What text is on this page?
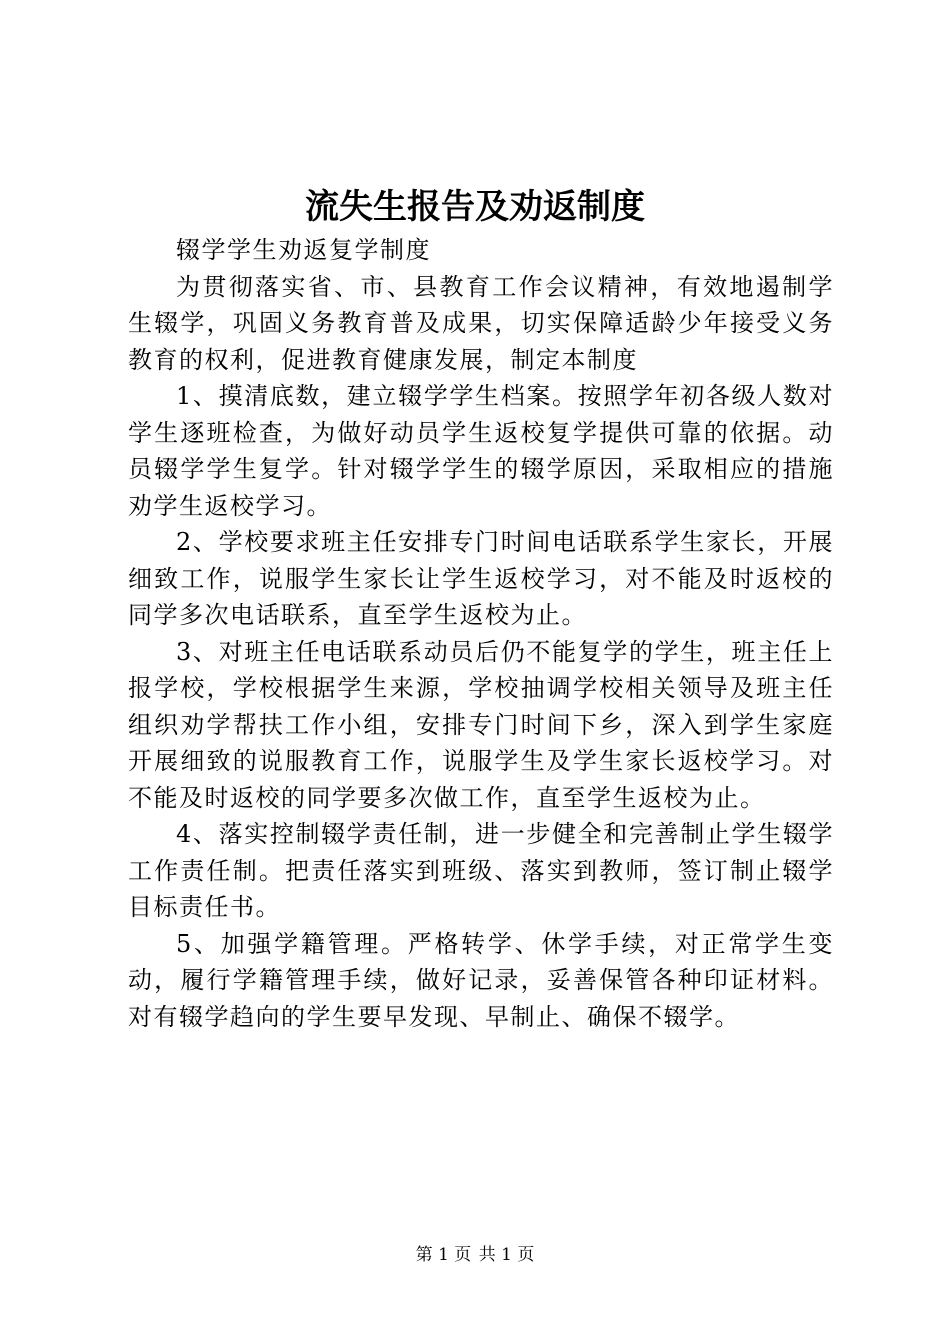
流失生报告及劝返制度

辍学学生劝返复学制度

为贯彻落实省、市、县教育工作会议精神，有效地遏制学生辍学，巩固义务教育普及成果，切实保障适龄少年接受义务教育的权利，促进教育健康发展，制定本制度

1、摸清底数，建立辍学学生档案。按照学年初各级人数对学生逐班检查，为做好动员学生返校复学提供可靠的依据。动员辍学学生复学。针对辍学学生的辍学原因，采取相应的措施劝学生返校学习。

2、学校要求班主任安排专门时间电话联系学生家长，开展细致工作，说服学生家长让学生返校学习，对不能及时返校的同学多次电话联系，直至学生返校为止。

3、对班主任电话联系动员后仍不能复学的学生，班主任上报学校，学校根据学生来源，学校抽调学校相关领导及班主任组织劝学帮扶工作小组，安排专门时间下乡，深入到学生家庭开展细致的说服教育工作，说服学生及学生家长返校学习。对不能及时返校的同学要多次做工作，直至学生返校为止。

4、落实控制辍学责任制，进一步健全和完善制止学生辍学工作责任制。把责任落实到班级、落实到教师，签订制止辍学目标责任书。

5、加强学籍管理。严格转学、休学手续，对正常学生变动，履行学籍管理手续，做好记录，妥善保管各种印证材料。对有辍学趋向的学生要早发现、早制止、确保不辍学。

第 1 页 共 1 页
